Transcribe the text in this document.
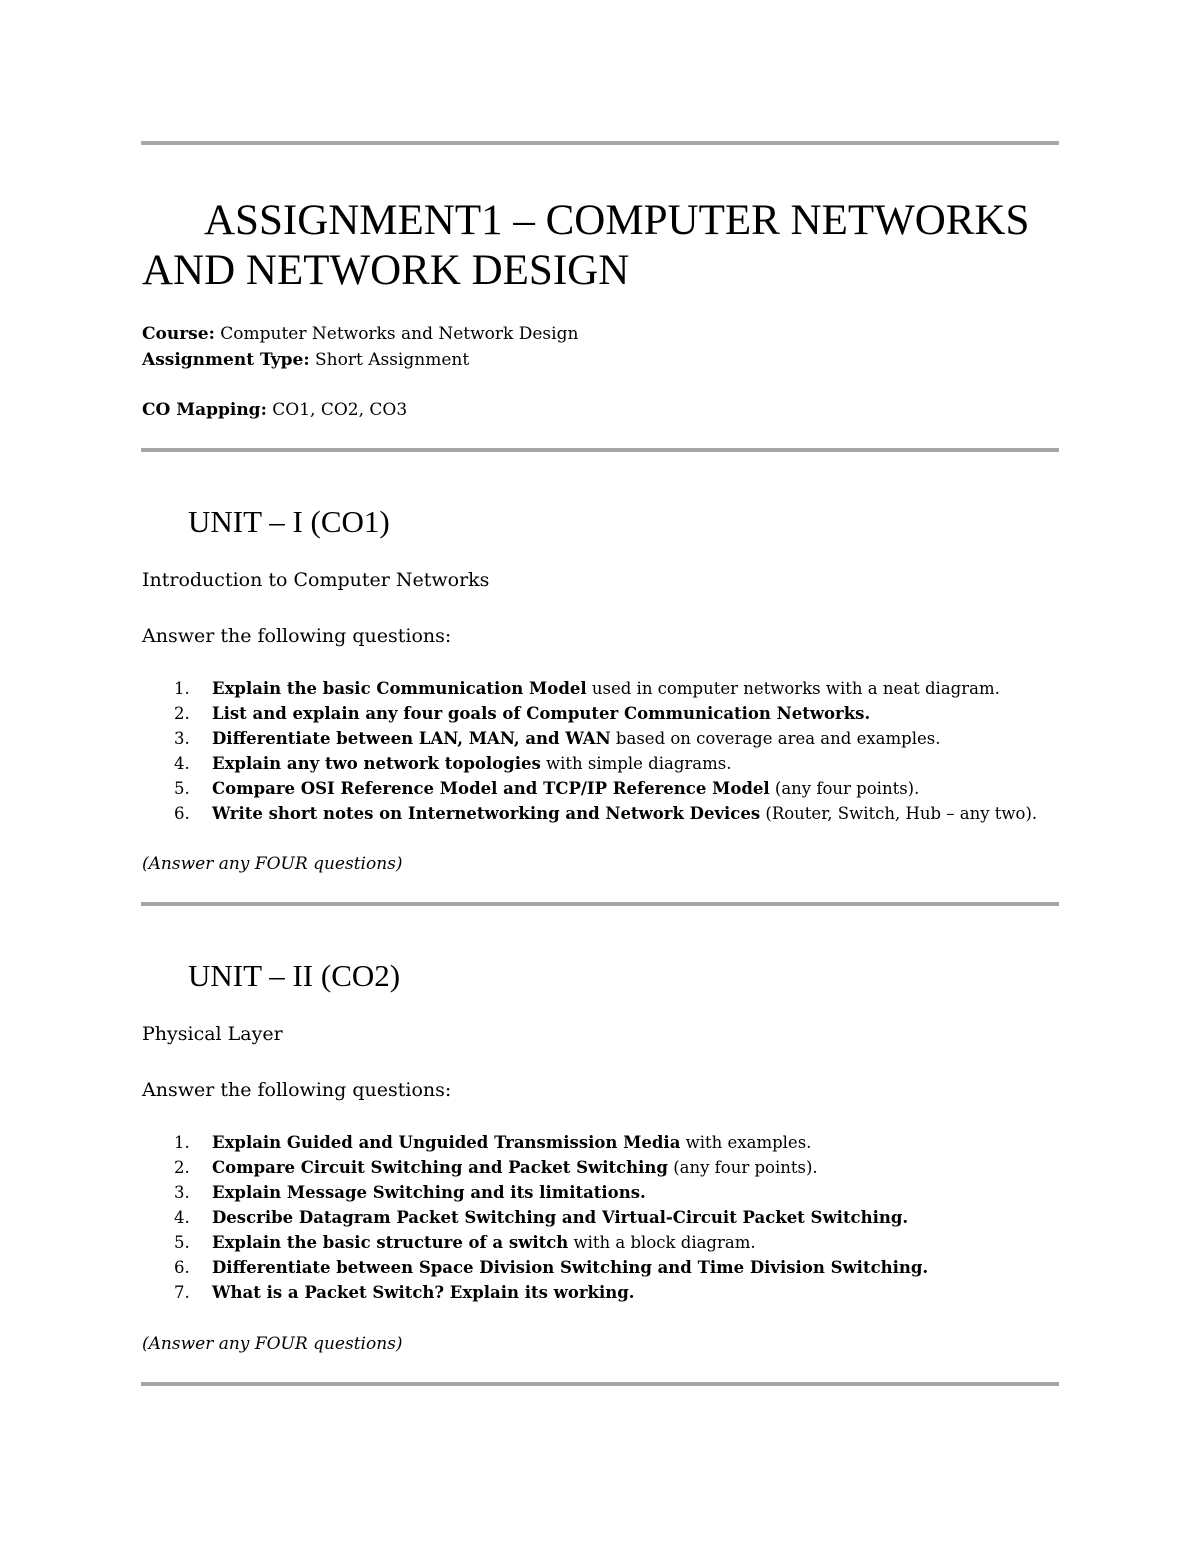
ASSIGNMENT1 – COMPUTER NETWORKS AND NETWORK DESIGN
Course: Computer Networks and Network Design
Assignment Type: Short Assignment
CO Mapping: CO1, CO2, CO3
UNIT – I (CO1)
Introduction to Computer Networks
Answer the following questions:
1. Explain the basic Communication Model used in computer networks with a neat diagram.
2. List and explain any four goals of Computer Communication Networks.
3. Differentiate between LAN, MAN, and WAN based on coverage area and examples.
4. Explain any two network topologies with simple diagrams.
5. Compare OSI Reference Model and TCP/IP Reference Model (any four points).
6. Write short notes on Internetworking and Network Devices (Router, Switch, Hub – any two).

(Answer any FOUR questions)

UNIT – II (CO2)
Physical Layer
Answer the following questions:
1. Explain Guided and Unguided Transmission Media with examples.
2. Compare Circuit Switching and Packet Switching (any four points).
3. Explain Message Switching and its limitations.
4. Describe Datagram Packet Switching and Virtual-Circuit Packet Switching.
5. Explain the basic structure of a switch with a block diagram.
6. Differentiate between Space Division Switching and Time Division Switching.
7. What is a Packet Switch? Explain its working.

(Answer any FOUR questions)
